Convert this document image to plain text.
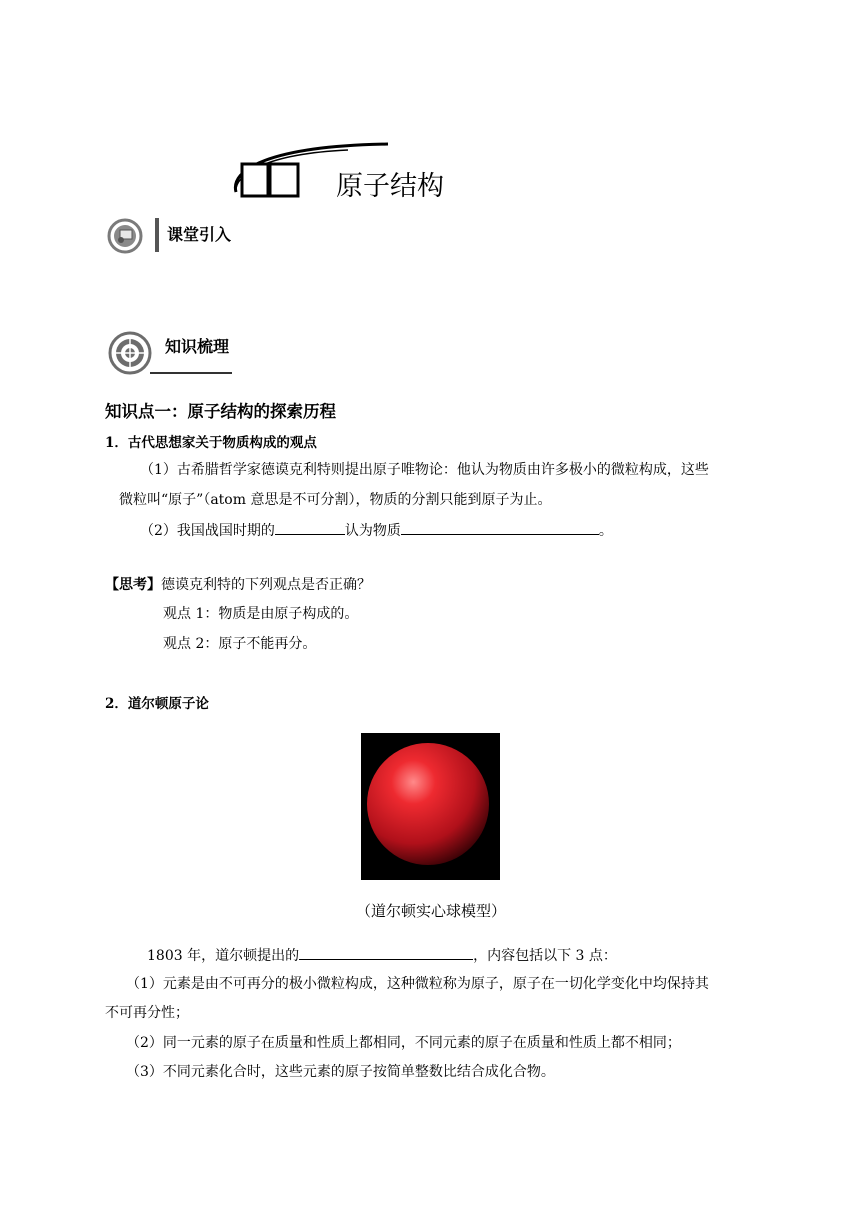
原子结构
课堂引入
知识梳理
知识点一：原子结构的探索历程
1．古代思想家关于物质构成的观点
（1）古希腊哲学家德谟克利特则提出原子唯物论：他认为物质由许多极小的微粒构成，这些
微粒叫“原子”（atom 意思是不可分割），物质的分割只能到原子为止。
（2）我国战国时期的	认为物质	。
【思考】德谟克利特的下列观点是否正确？
观点 1：物质是由原子构成的。
观点 2：原子不能再分。
2．道尔顿原子论
（道尔顿实心球模型）
1803 年，道尔顿提出的	，内容包括以下 3 点：
（1）元素是由不可再分的极小微粒构成，这种微粒称为原子，原子在一切化学变化中均保持其
不可再分性；
（2）同一元素的原子在质量和性质上都相同，不同元素的原子在质量和性质上都不相同；
（3）不同元素化合时，这些元素的原子按简单整数比结合成化合物。
